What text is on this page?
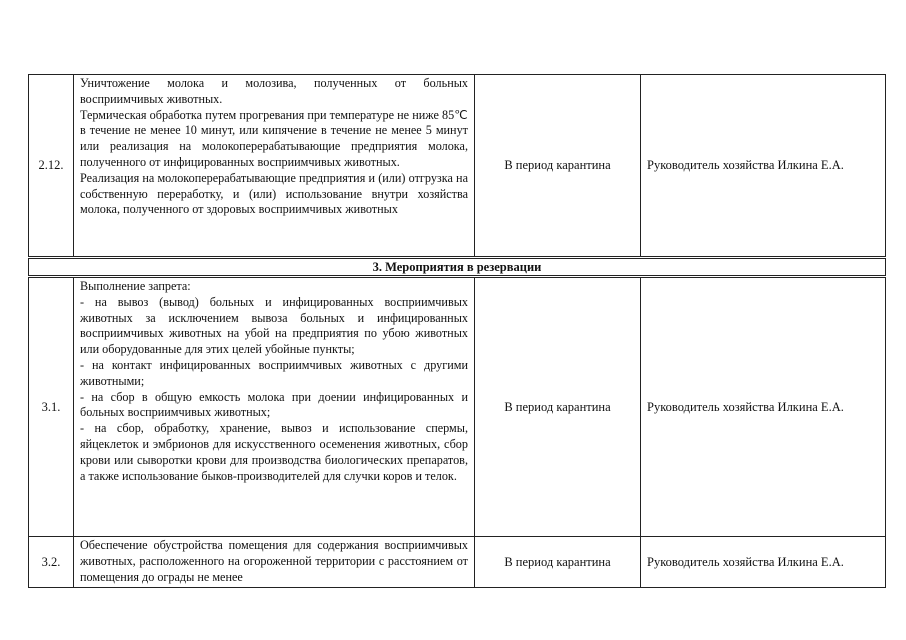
2.12.	Уничтожение молока и молозива, полученных от больных восприимчивых животных.

Термическая обработка путем прогревания при температуре не ниже 85℃ в течение не менее 10 минут, или кипячение в течение не менее 5 минут или реализация на молокоперерабатывающие предприятия молока, полученного от инфицированных восприимчивых животных.

Реализация на молокоперерабатывающие предприятия и (или) отгрузка на собственную переработку, и (или) использование внутри хозяйства молока, полученного от здоровых восприимчивых животных	В период карантина	Руководитель хозяйства Илкина Е.А.
3. Мероприятия в резервации			
3.1.	Выполнение запрета:

- на вывоз (вывод) больных и инфицированных восприимчивых животных за исключением вывоза больных и инфицированных восприимчивых животных на убой на предприятия по убою животных или оборудованные для этих целей убойные пункты;

- на контакт инфицированных восприимчивых животных с другими животными;

- на сбор в общую емкость молока при доении инфицированных и больных восприимчивых животных;

- на сбор, обработку, хранение, вывоз и использование спермы, яйцеклеток и эмбрионов для искусственного осеменения животных, сбор крови или сыворотки крови для производства биологических препаратов, а также использование быков-производителей для случки коров и телок.	В период карантина	Руководитель хозяйства Илкина Е.А.
3.2.	Обеспечение обустройства помещения для содержания восприимчивых животных, расположенного на огороженной территории с расстоянием от помещения до ограды не менее	В период карантина	Руководитель хозяйства Илкина Е.А.
